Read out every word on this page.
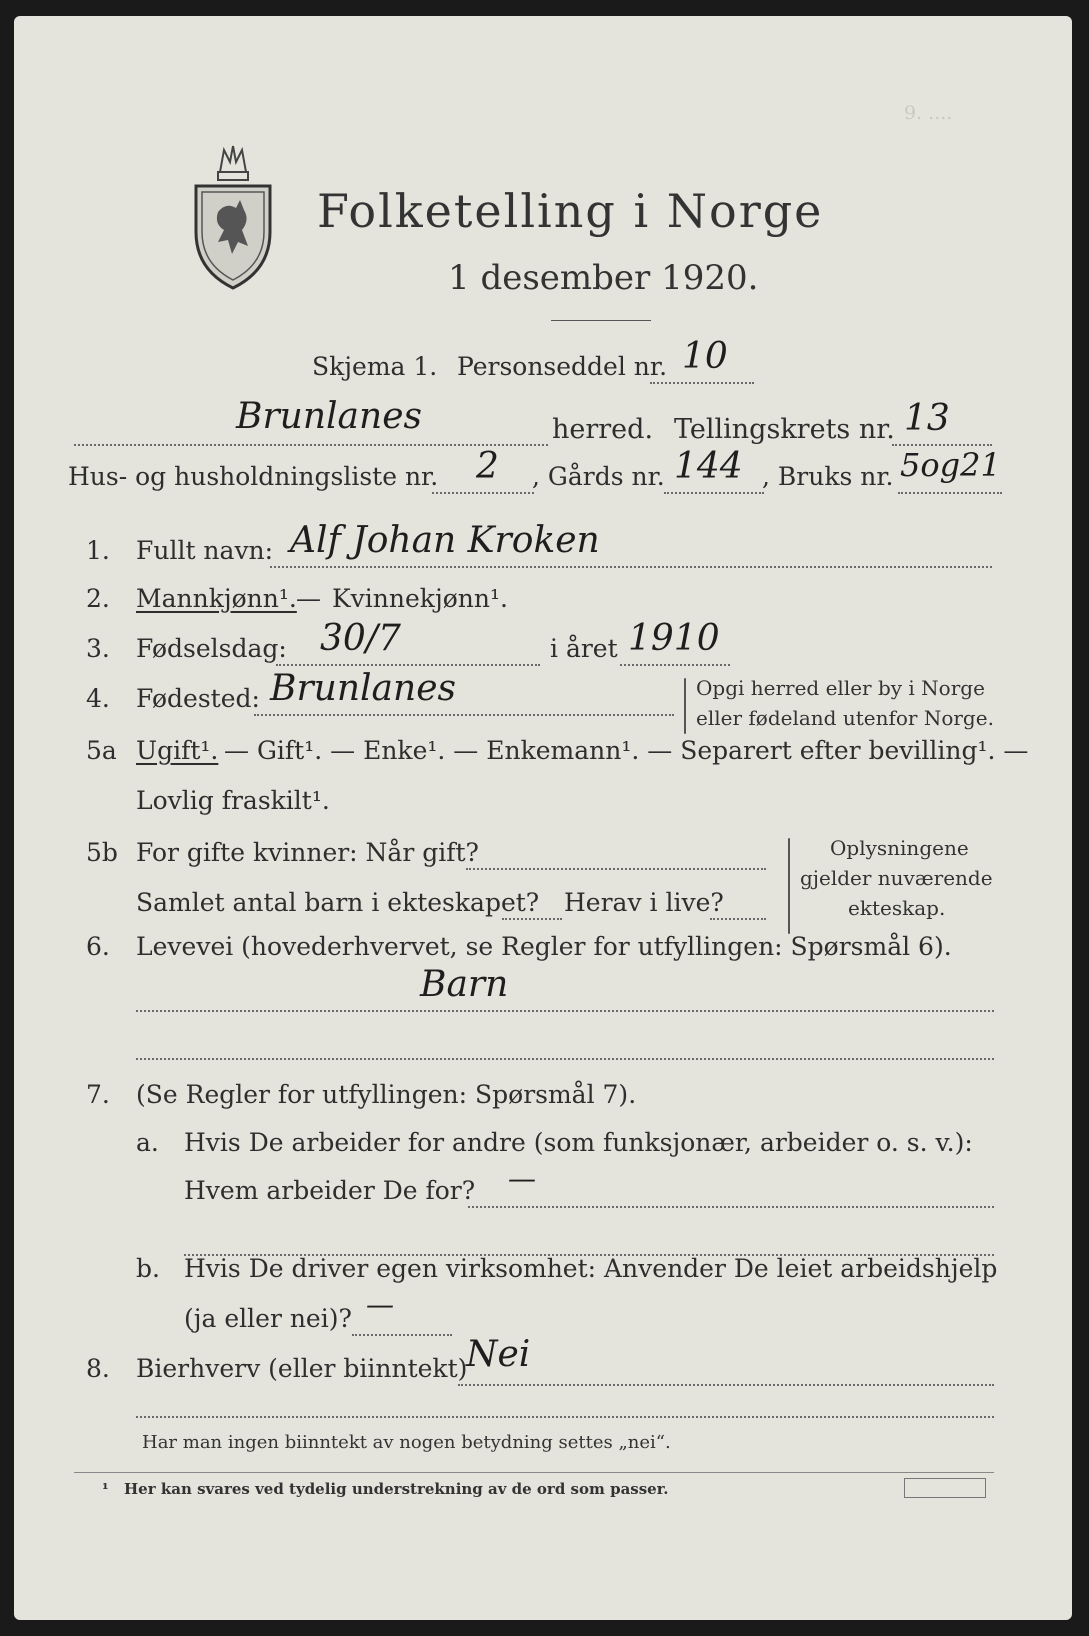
9. ....
Folketelling i Norge
1 desember 1920.
Skjema 1. Personseddel nr. 10
Brunlanes	herred. Tellingskrets nr. 13
Hus- og husholdningsliste nr. 2 , Gårds nr. 144 , Bruks nr. 5og21
1. Fullt navn: Alf Johan Kroken
2. Mannkjønn¹. — Kvinnekjønn¹.
3. Fødselsdag: 30/7	i året 1910
4. Fødested: Brunlanes	Opgi herred eller by i Norge
eller fødeland utenfor Norge.
5a Ugift¹. — Gift¹. — Enke¹. — Enkemann¹. — Separert efter bevilling¹. —
Lovlig fraskilt¹.
5b For gifte kvinner: Når gift?
Samlet antal barn i ekteskapet? Herav i live?
Oplysningene
gjelder nuværende
ekteskap.
6. Levevei (hovederhvervet, se Regler for utfyllingen: Spørsmål 6).
Barn
7. (Se Regler for utfyllingen: Spørsmål 7).
a. Hvis De arbeider for andre (som funksjonær, arbeider o. s. v.):
Hvem arbeider De for? —
b. Hvis De driver egen virksomhet: Anvender De leiet arbeidshjelp
(ja eller nei)? —
8. Bierhverv (eller biinntekt)
Nei
Har man ingen biinntekt av nogen betydning settes „nei“.
¹ Her kan svares ved tydelig understrekning av de ord som passer.
